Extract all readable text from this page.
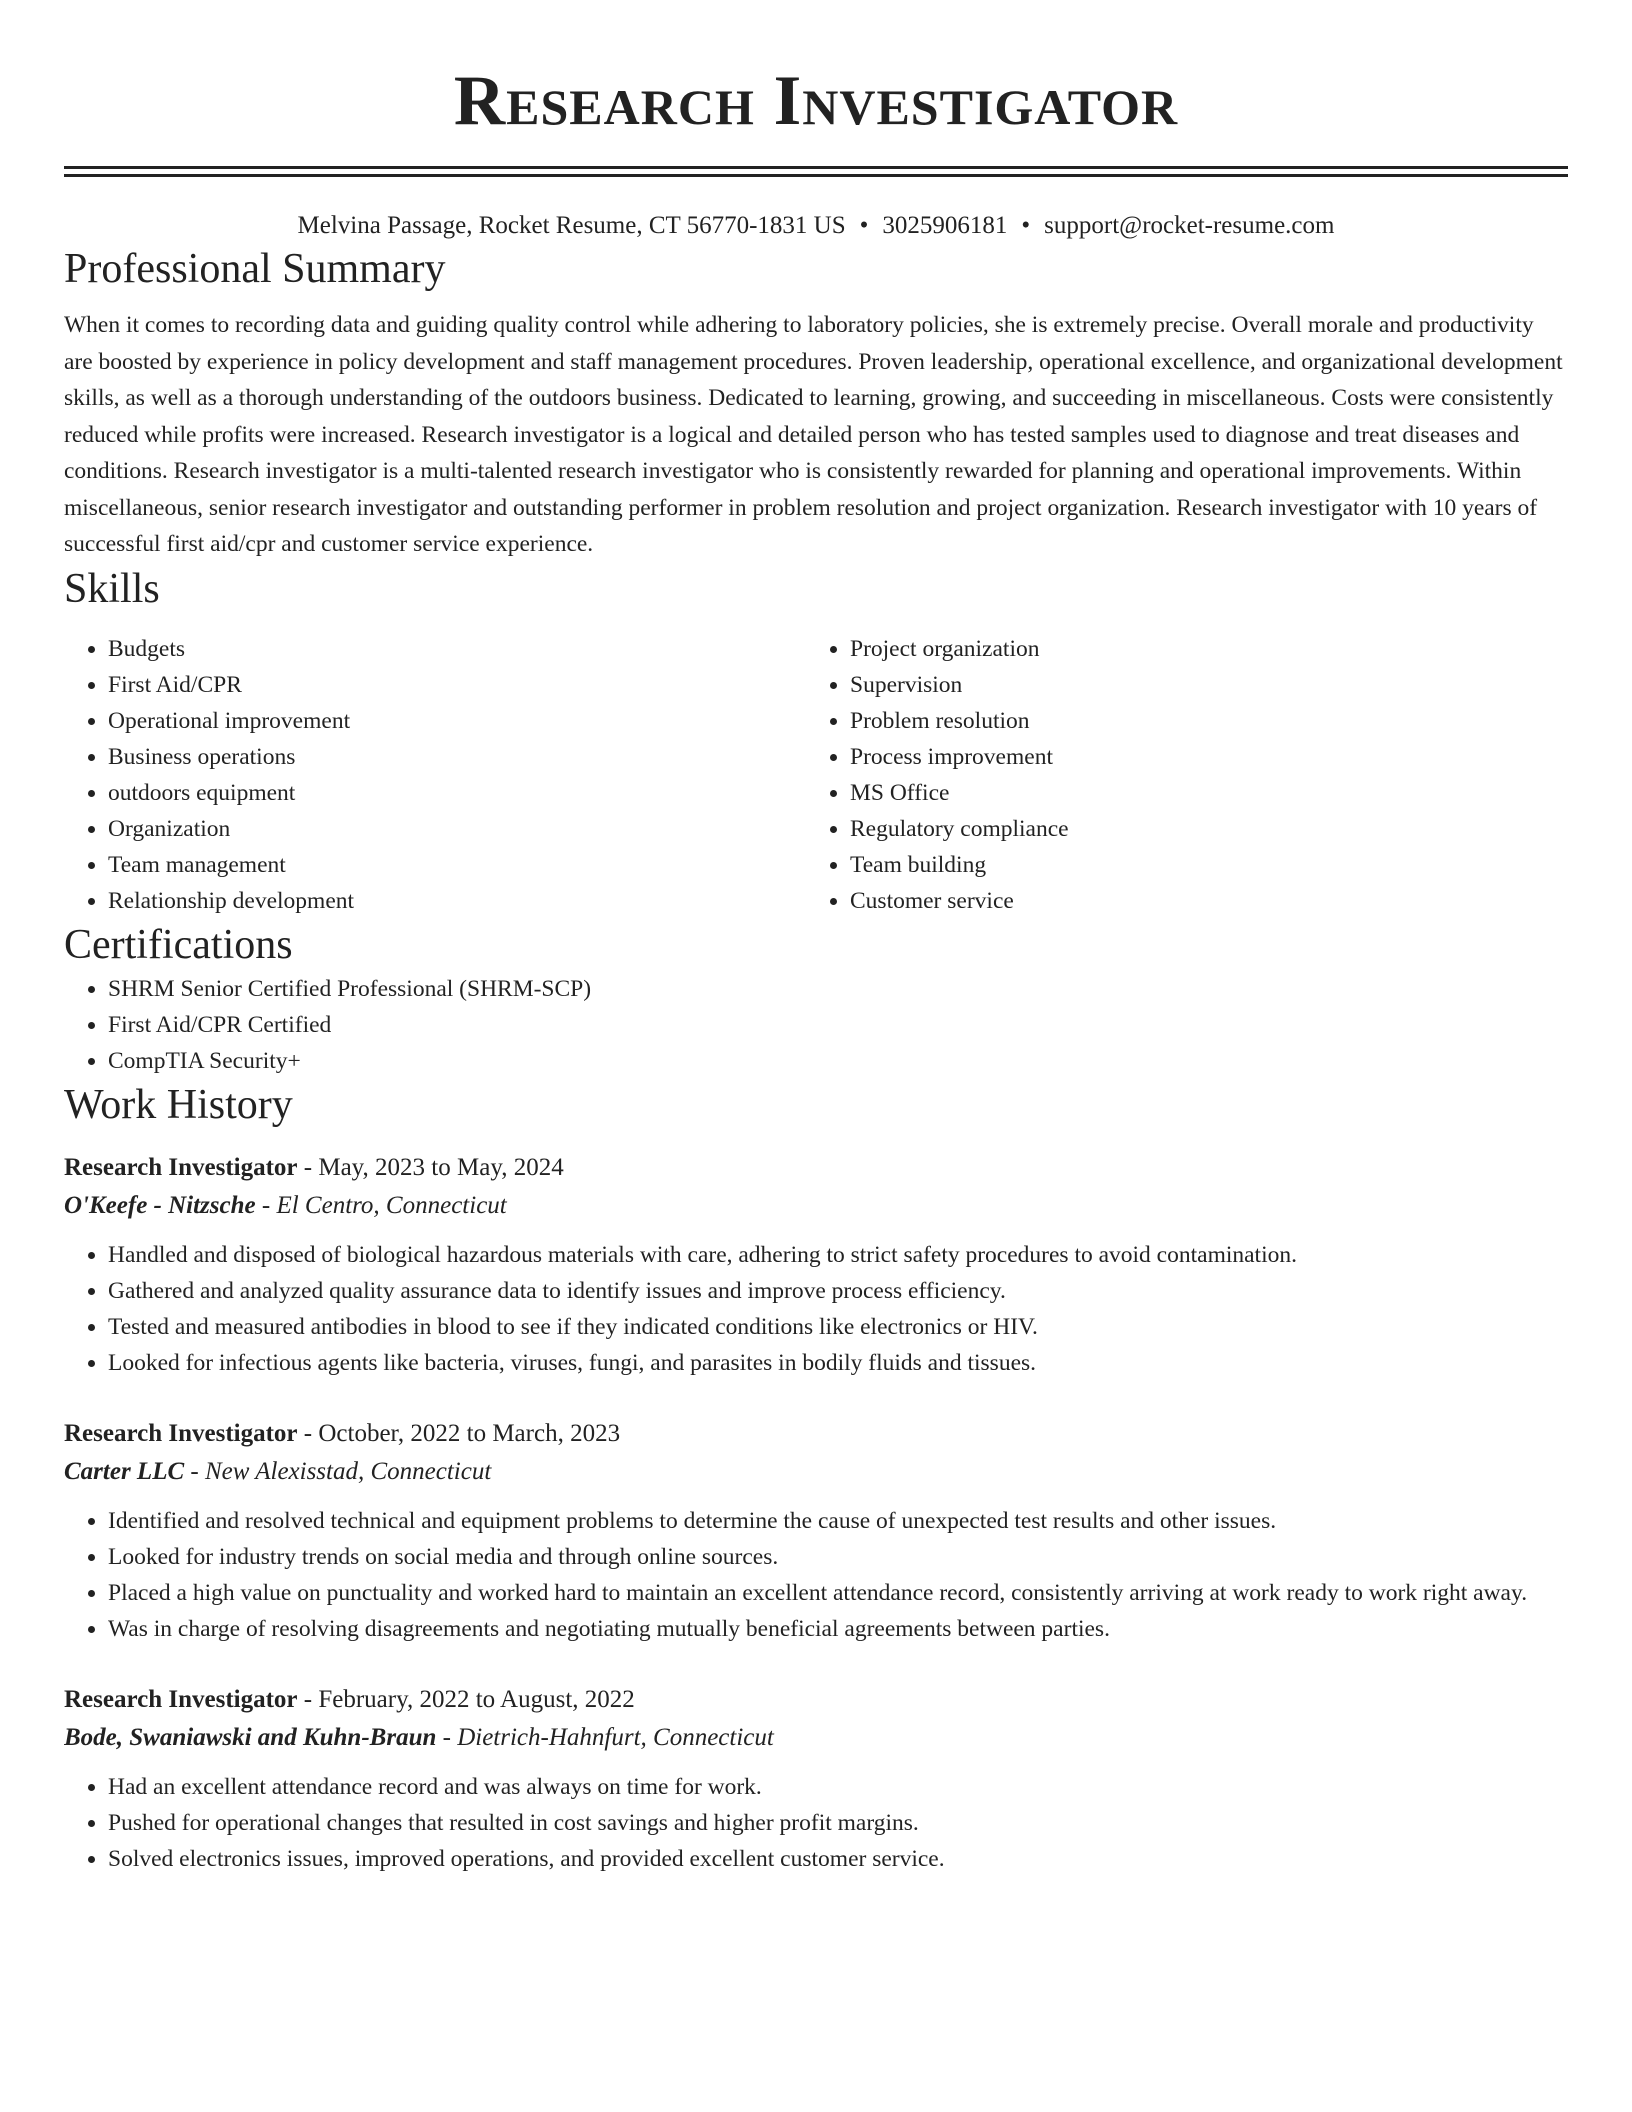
Research Investigator
Melvina Passage, Rocket Resume, CT 56770-1831 US • 3025906181 • support@rocket-resume.com
Professional Summary

When it comes to recording data and guiding quality control while adhering to laboratory policies, she is extremely precise. Overall morale and productivity are boosted by experience in policy development and staff management procedures. Proven leadership, operational excellence, and organizational development skills, as well as a thorough understanding of the outdoors business. Dedicated to learning, growing, and succeeding in miscellaneous. Costs were consistently reduced while profits were increased. Research investigator is a logical and detailed person who has tested samples used to diagnose and treat diseases and conditions. Research investigator is a multi-talented research investigator who is consistently rewarded for planning and operational improvements. Within miscellaneous, senior research investigator and outstanding performer in problem resolution and project organization. Research investigator with 10 years of successful first aid/cpr and customer service experience.

Skills
• Budgets
• First Aid/CPR
• Operational improvement
• Business operations
• outdoors equipment
• Organization
• Team management
• Relationship development
• Project organization
• Supervision
• Problem resolution
• Process improvement
• MS Office
• Regulatory compliance
• Team building
• Customer service
Certifications
• SHRM Senior Certified Professional (SHRM-SCP)
• First Aid/CPR Certified
• CompTIA Security+
Work History
Research Investigator - May, 2023 to May, 2024
O'Keefe - Nitzsche - El Centro, Connecticut
• Handled and disposed of biological hazardous materials with care, adhering to strict safety procedures to avoid contamination.
• Gathered and analyzed quality assurance data to identify issues and improve process efficiency.
• Tested and measured antibodies in blood to see if they indicated conditions like electronics or HIV.
• Looked for infectious agents like bacteria, viruses, fungi, and parasites in bodily fluids and tissues.
Research Investigator - October, 2022 to March, 2023
Carter LLC - New Alexisstad, Connecticut
• Identified and resolved technical and equipment problems to determine the cause of unexpected test results and other issues.
• Looked for industry trends on social media and through online sources.
• Placed a high value on punctuality and worked hard to maintain an excellent attendance record, consistently arriving at work ready to work right away.
• Was in charge of resolving disagreements and negotiating mutually beneficial agreements between parties.
Research Investigator - February, 2022 to August, 2022
Bode, Swaniawski and Kuhn-Braun - Dietrich-Hahnfurt, Connecticut
• Had an excellent attendance record and was always on time for work.
• Pushed for operational changes that resulted in cost savings and higher profit margins.
• Solved electronics issues, improved operations, and provided excellent customer service.
